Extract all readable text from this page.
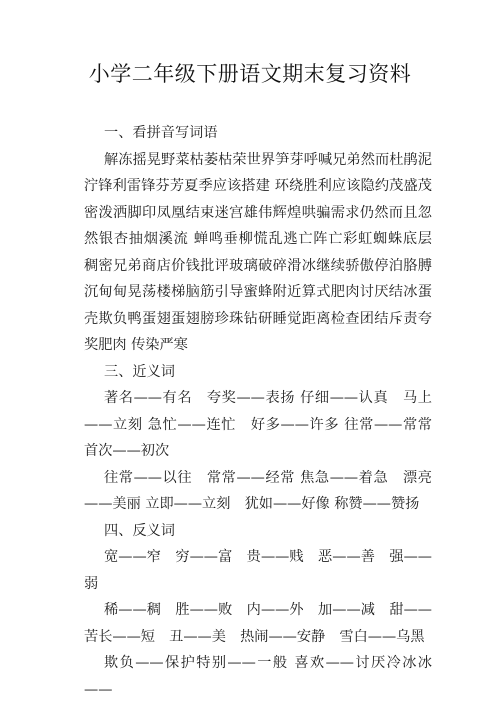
小学二年级下册语文期末复习资料

一、看拼音写词语

解冻摇晃野菜枯萎枯荣世界笋芽呼喊兄弟然而杜鹃泥泞锋利雷锋芬芳夏季应该搭建 环绕胜利应该隐约茂盛茂密泼洒脚印凤凰结束迷宫雄伟辉煌哄骗需求仍然而且忽然银杏抽烟溪流 蝉鸣垂柳慌乱逃亡阵亡彩虹蜘蛛底层 稠密兄弟商店价钱批评玻璃破碎滑冰继续骄傲停泊胳膊 沉甸甸晃荡楼梯脑筋引导蜜蜂附近算式肥肉讨厌结冰蛋壳欺负鸭蛋翅蛋翅膀珍珠钻研睡觉距离检查团结斥责夸奖肥肉 传染严寒

三、近义词

著名——有名　夸奖——表扬 仔细——认真　马上——立刻 急忙——连忙　好多——许多 往常——常常　首次——初次

往常——以往　常常——经常 焦急——着急　漂亮——美丽 立即——立刻　犹如——好像 称赞——赞扬

四、反义词

宽——窄　穷——富　贵——贱　恶——善　强——弱

稀——稠　胜——败　内——外　加——减　甜——苦长——短　丑——美　热闹——安静　雪白——乌黑

欺负——保护特别——一般 喜欢——讨厌冷冰冰——
